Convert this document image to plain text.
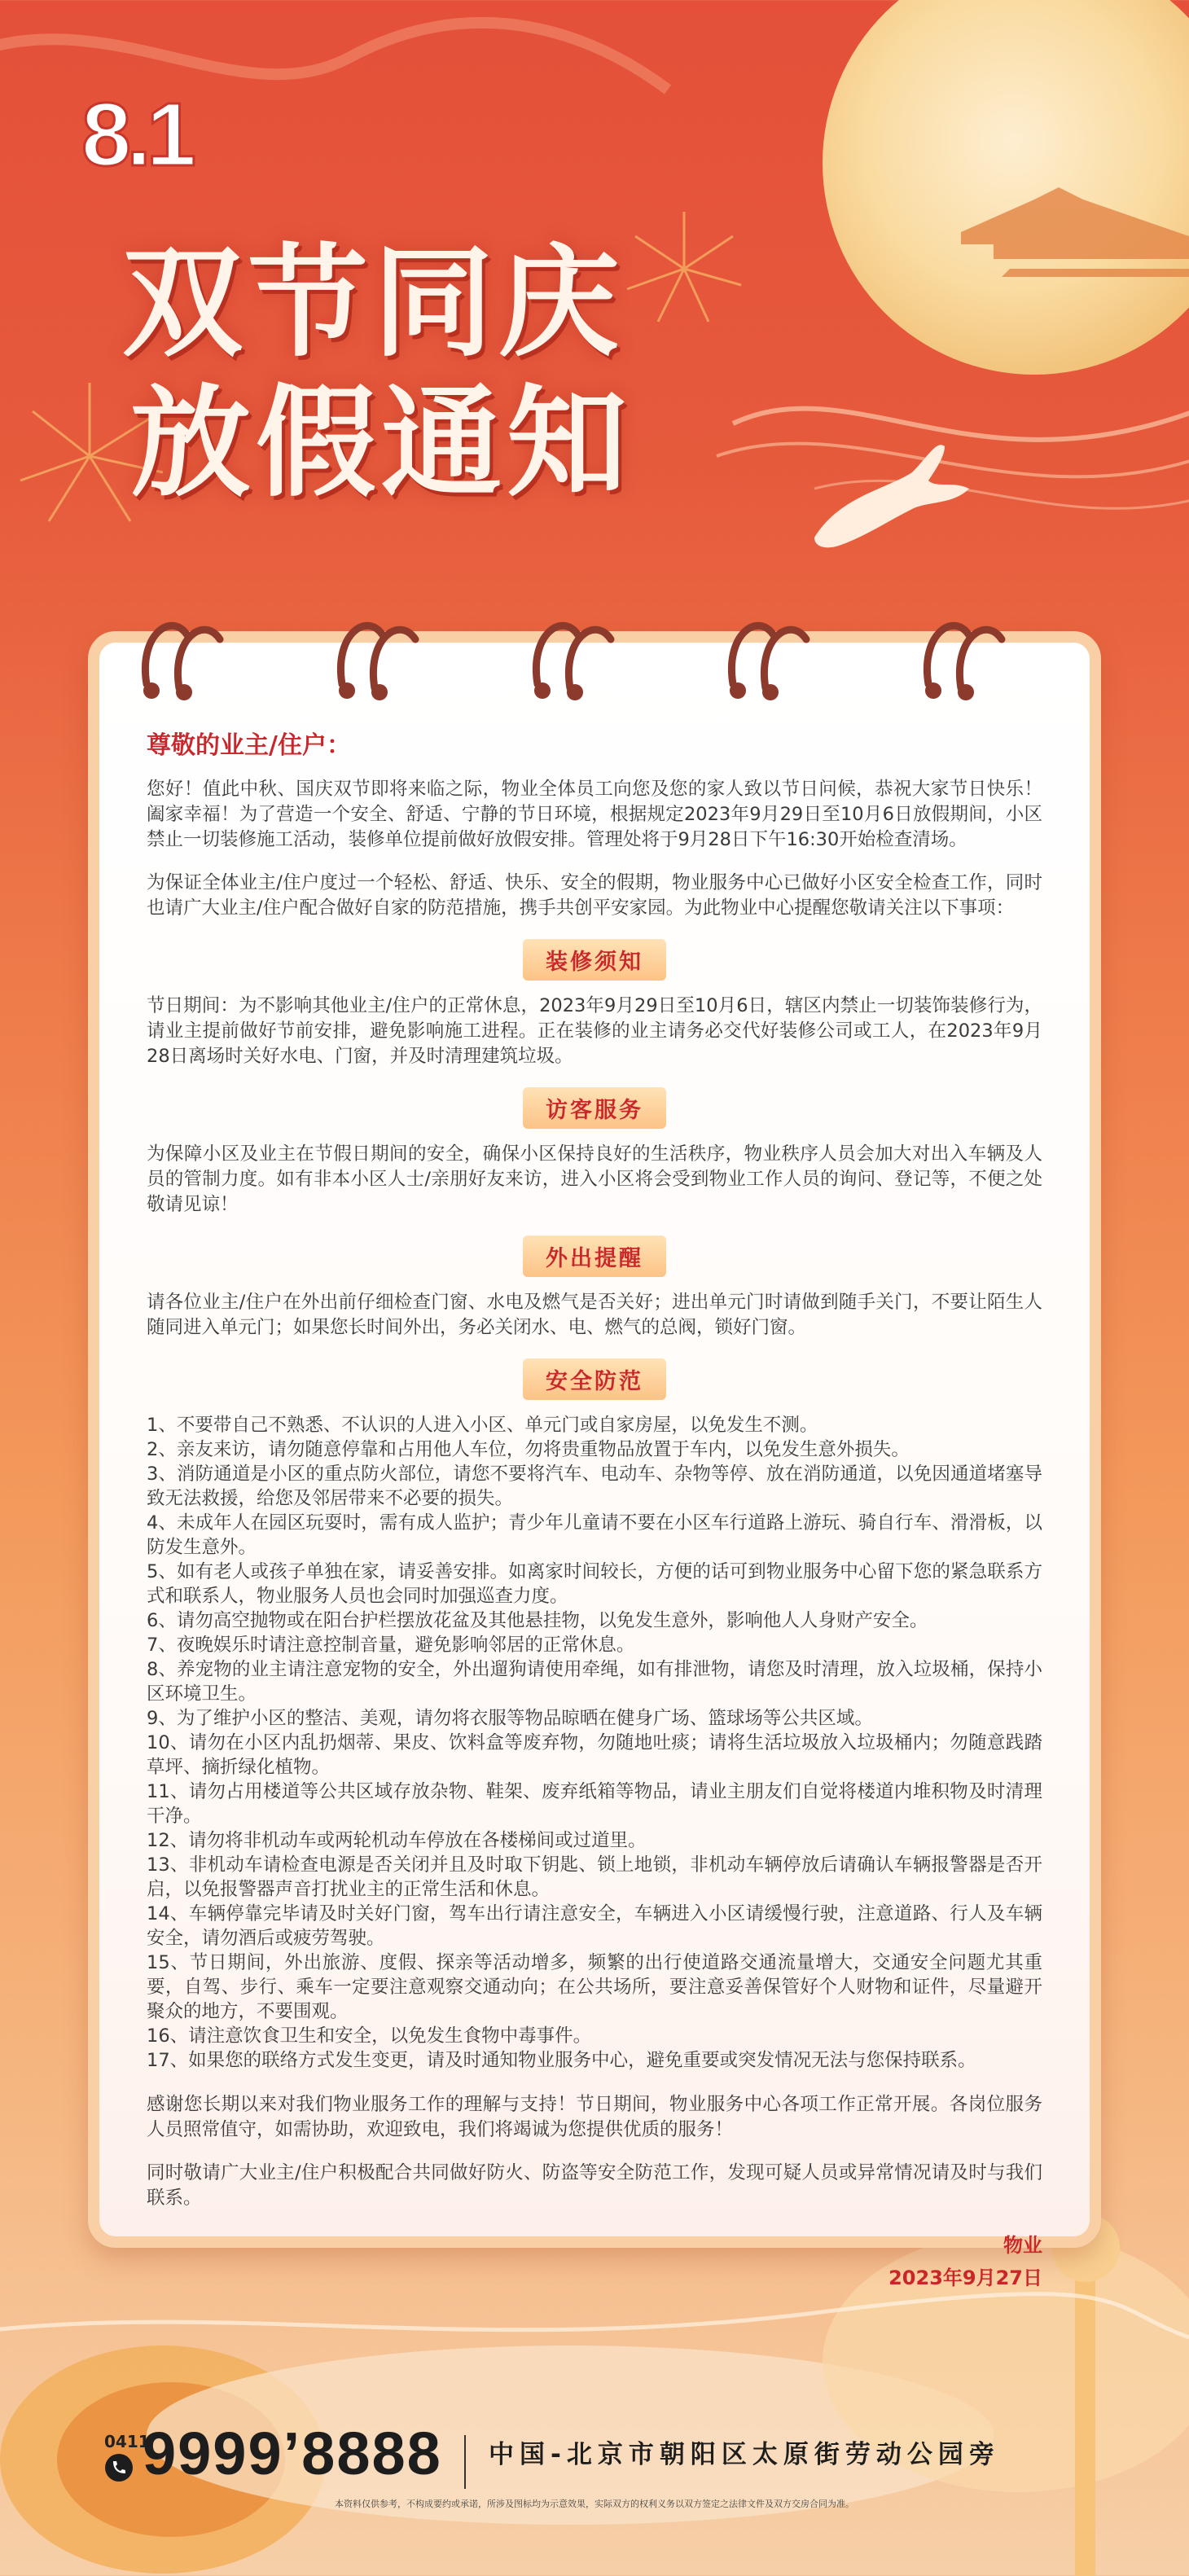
8.1
双节同庆
放假通知

尊敬的业主/住户：

您好！值此中秋、国庆双节即将来临之际，物业全体员工向您及您的家人致以节日问候，恭祝大家节日快乐！阖家幸福！为了营造一个安全、舒适、宁静的节日环境，根据规定2023年9月29日至10月6日放假期间，小区禁止一切装修施工活动，装修单位提前做好放假安排。管理处将于9月28日下午16:30开始检查清场。

为保证全体业主/住户度过一个轻松、舒适、快乐、安全的假期，物业服务中心已做好小区安全检查工作，同时也请广大业主/住户配合做好自家的防范措施，携手共创平安家园。为此物业中心提醒您敬请关注以下事项：

装修须知

节日期间：为不影响其他业主/住户的正常休息，2023年9月29日至10月6日，辖区内禁止一切装饰装修行为，请业主提前做好节前安排，避免影响施工进程。正在装修的业主请务必交代好装修公司或工人，在2023年9月28日离场时关好水电、门窗，并及时清理建筑垃圾。

访客服务

为保障小区及业主在节假日期间的安全，确保小区保持良好的生活秩序，物业秩序人员会加大对出入车辆及人员的管制力度。如有非本小区人士/亲朋好友来访，进入小区将会受到物业工作人员的询问、登记等，不便之处敬请见谅！

外出提醒

请各位业主/住户在外出前仔细检查门窗、水电及燃气是否关好；进出单元门时请做到随手关门，不要让陌生人随同进入单元门；如果您长时间外出，务必关闭水、电、燃气的总阀，锁好门窗。

安全防范
1、不要带自己不熟悉、不认识的人进入小区、单元门或自家房屋，以免发生不测。
2、亲友来访，请勿随意停靠和占用他人车位，勿将贵重物品放置于车内，以免发生意外损失。
3、消防通道是小区的重点防火部位，请您不要将汽车、电动车、杂物等停、放在消防通道，以免因通道堵塞导致无法救援，给您及邻居带来不必要的损失。
4、未成年人在园区玩耍时，需有成人监护；青少年儿童请不要在小区车行道路上游玩、骑自行车、滑滑板，以防发生意外。
5、如有老人或孩子单独在家，请妥善安排。如离家时间较长，方便的话可到物业服务中心留下您的紧急联系方式和联系人，物业服务人员也会同时加强巡查力度。
6、请勿高空抛物或在阳台护栏摆放花盆及其他悬挂物，以免发生意外，影响他人人身财产安全。
7、夜晚娱乐时请注意控制音量，避免影响邻居的正常休息。
8、养宠物的业主请注意宠物的安全，外出遛狗请使用牵绳，如有排泄物，请您及时清理，放入垃圾桶，保持小区环境卫生。
9、为了维护小区的整洁、美观，请勿将衣服等物品晾晒在健身广场、篮球场等公共区域。
10、请勿在小区内乱扔烟蒂、果皮、饮料盒等废弃物，勿随地吐痰；请将生活垃圾放入垃圾桶内；勿随意践踏草坪、摘折绿化植物。
11、请勿占用楼道等公共区域存放杂物、鞋架、废弃纸箱等物品，请业主朋友们自觉将楼道内堆积物及时清理干净。
12、请勿将非机动车或两轮机动车停放在各楼梯间或过道里。
13、非机动车请检查电源是否关闭并且及时取下钥匙、锁上地锁，非机动车辆停放后请确认车辆报警器是否开启，以免报警器声音打扰业主的正常生活和休息。
14、车辆停靠完毕请及时关好门窗，驾车出行请注意安全，车辆进入小区请缓慢行驶，注意道路、行人及车辆安全，请勿酒后或疲劳驾驶。
15、节日期间，外出旅游、度假、探亲等活动增多，频繁的出行使道路交通流量增大，交通安全问题尤其重要，自驾、步行、乘车一定要注意观察交通动向；在公共场所，要注意妥善保管好个人财物和证件，尽量避开聚众的地方，不要围观。
16、请注意饮食卫生和安全，以免发生食物中毒事件。
17、如果您的联络方式发生变更，请及时通知物业服务中心，避免重要或突发情况无法与您保持联系。

感谢您长期以来对我们物业服务工作的理解与支持！节日期间，物业服务中心各项工作正常开展。各岗位服务人员照常值守，如需协助，欢迎致电，我们将竭诚为您提供优质的服务！

同时敬请广大业主/住户积极配合共同做好防火、防盗等安全防范工作，发现可疑人员或异常情况请及时与我们联系。

物业
2023年9月27日
0411
9999’8888 中国-北京市朝阳区太原街劳动公园旁
本资料仅供参考，不构成要约或承诺，所涉及图标均为示意效果，实际双方的权利义务以双方签定之法律文件及双方交房合同为准。
